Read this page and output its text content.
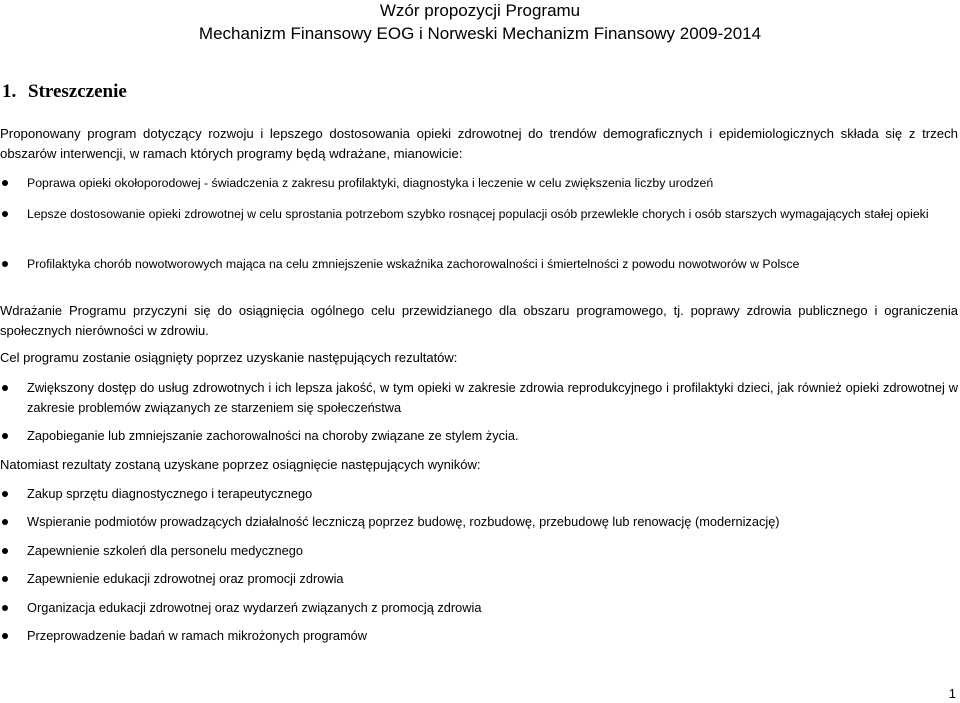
Wzór propozycji Programu
Mechanizm Finansowy EOG i Norweski Mechanizm Finansowy 2009-2014
1. Streszczenie
Proponowany program dotyczący rozwoju i lepszego dostosowania opieki zdrowotnej do trendów demograficznych i epidemiologicznych składa się z trzech obszarów interwencji, w ramach których programy będą wdrażane, mianowicie:
Poprawa opieki okołoporodowej - świadczenia z zakresu profilaktyki, diagnostyka i leczenie w celu zwiększenia liczby urodzeń
Lepsze dostosowanie opieki zdrowotnej w celu sprostania potrzebom szybko rosnącej populacji osób przewlekle chorych i osób starszych wymagających stałej opieki
Profilaktyka chorób nowotworowych mająca na celu zmniejszenie wskaźnika zachorowalności i śmiertelności z powodu nowotworów w Polsce
Wdrażanie Programu przyczyni się do osiągnięcia ogólnego celu przewidzianego dla obszaru programowego, tj. poprawy zdrowia publicznego i ograniczenia społecznych nierówności w zdrowiu.
Cel programu zostanie osiągnięty poprzez uzyskanie następujących rezultatów:
Zwiększony dostęp do usług zdrowotnych i ich lepsza jakość, w tym opieki w zakresie zdrowia reprodukcyjnego i profilaktyki dzieci, jak również opieki zdrowotnej w zakresie problemów związanych ze starzeniem się społeczeństwa
Zapobieganie lub zmniejszanie zachorowalności na choroby związane ze stylem życia.
Natomiast rezultaty zostaną uzyskane poprzez osiągnięcie następujących wyników:
Zakup sprzętu diagnostycznego i terapeutycznego
Wspieranie podmiotów prowadzących działalność leczniczą poprzez budowę, rozbudowę, przebudowę lub renowację (modernizację)
Zapewnienie szkoleń dla personelu medycznego
Zapewnienie edukacji zdrowotnej oraz promocji zdrowia
Organizacja edukacji zdrowotnej oraz wydarzeń związanych z promocją zdrowia
Przeprowadzenie badań w ramach mikrożonych programów
1
